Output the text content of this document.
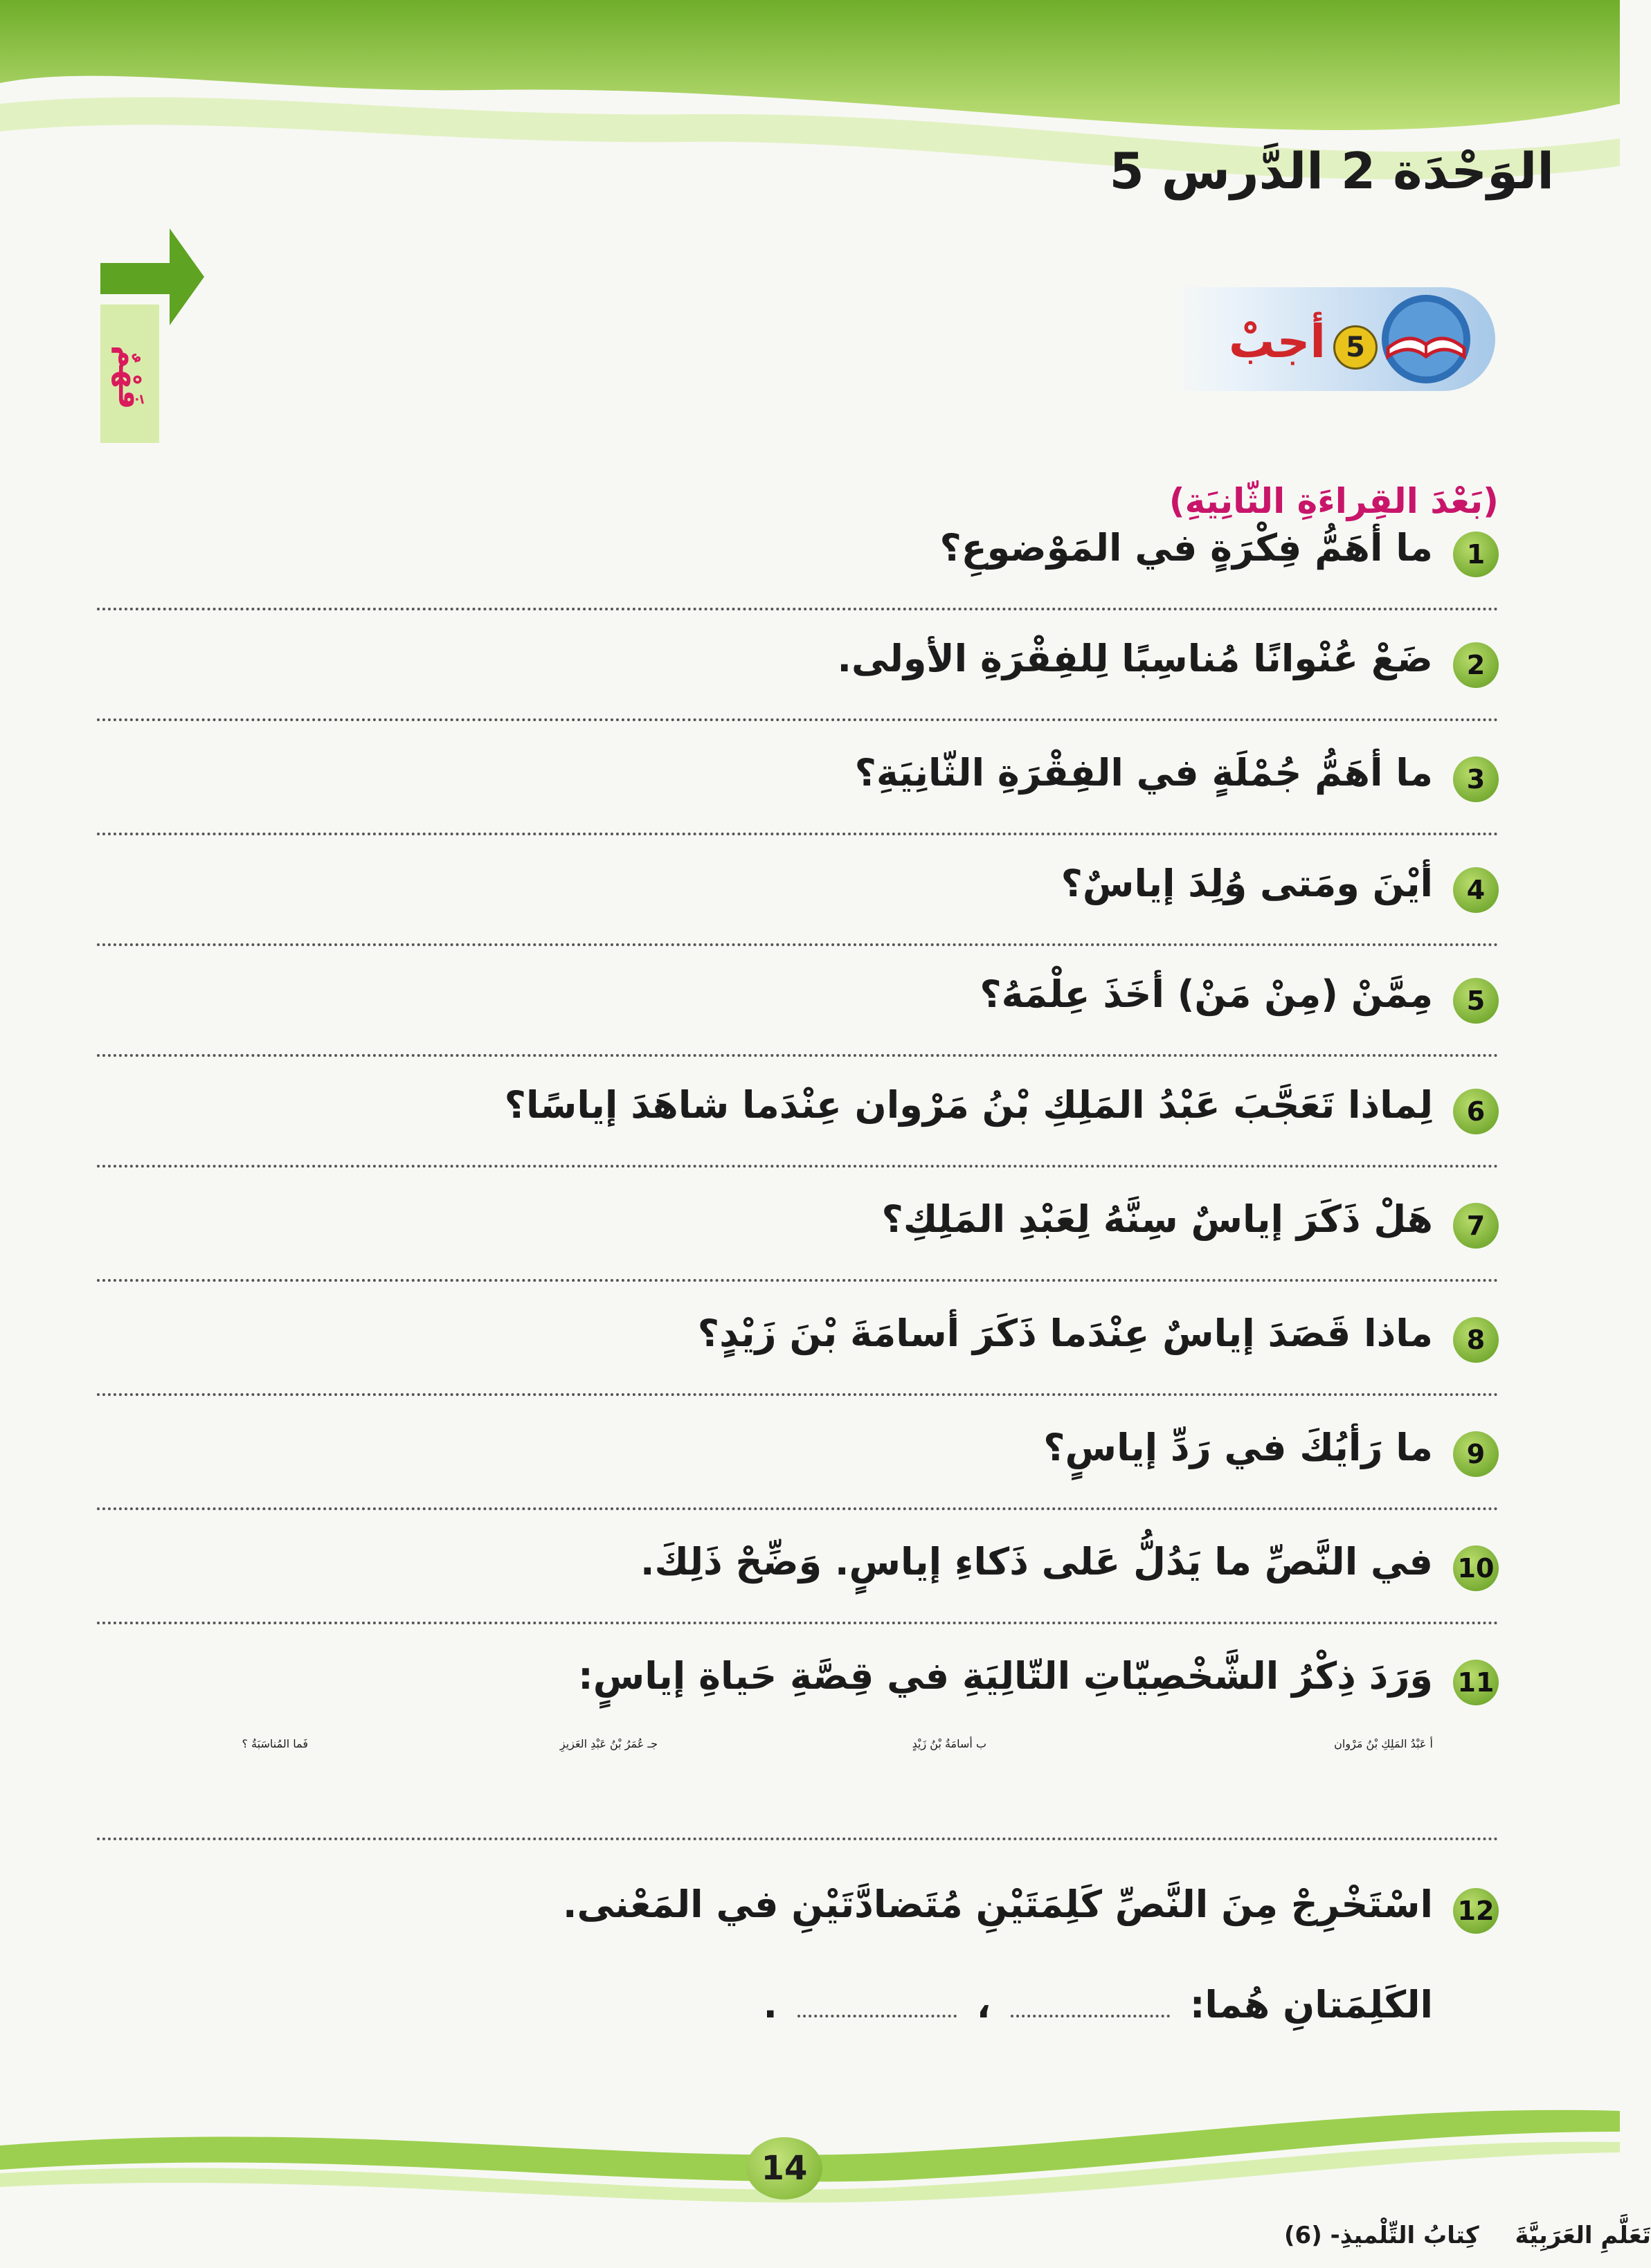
الوَحْدَة 2 الدَّرس 5
فَهْمٌ	5
أجبْ
(بَعْدَ القِراءَةِ الثّانِيَةِ)
1
ما أهَمُّ فِكْرَةٍ في المَوْضوعِ؟
2
ضَعْ عُنْوانًا مُناسِبًا لِلفِقْرَةِ الأولى.
3
ما أهَمُّ جُمْلَةٍ في الفِقْرَةِ الثّانِيَةِ؟
4
أيْنَ ومَتى وُلِدَ إياسٌ؟
5
مِمَّنْ (مِنْ مَنْ) أخَذَ عِلْمَهُ؟
6
لِماذا تَعَجَّبَ عَبْدُ المَلِكِ بْنُ مَرْوان عِنْدَما شاهَدَ إياسًا؟
7
هَلْ ذَكَرَ إياسٌ سِنَّهُ لِعَبْدِ المَلِكِ؟
8
ماذا قَصَدَ إياسٌ عِنْدَما ذَكَرَ أسامَةَ بْنَ زَيْدٍ؟
9
ما رَأيُكَ في رَدِّ إياسٍ؟
10
في النَّصِّ ما يَدُلُّ عَلى ذَكاءِ إياسٍ. وَضِّحْ ذَلِكَ.
11
وَرَدَ ذِكْرُ الشَّخْصِيّاتِ التّالِيَةِ في قِصَّةِ حَياةِ إياسٍ:
أ عَبْدُ المَلِكِ بْنُ مَرْوان
ب أسامَةُ بْنُ زَيْدٍ
جـ عُمَرُ بْنُ عَبْدِ العَزيزِ
فَما المُناسَبَةُ ؟
12
اسْتَخْرِجْ مِنَ النَّصِّ كَلِمَتَيْنِ مُتَضادَّتَيْنِ في المَعْنى.
الكَلِمَتانِ هُما:  ،  .
14
تَعَلَّمِ العَرَبِيَّةَ كِتابُ التِّلْميذِ- (6)
